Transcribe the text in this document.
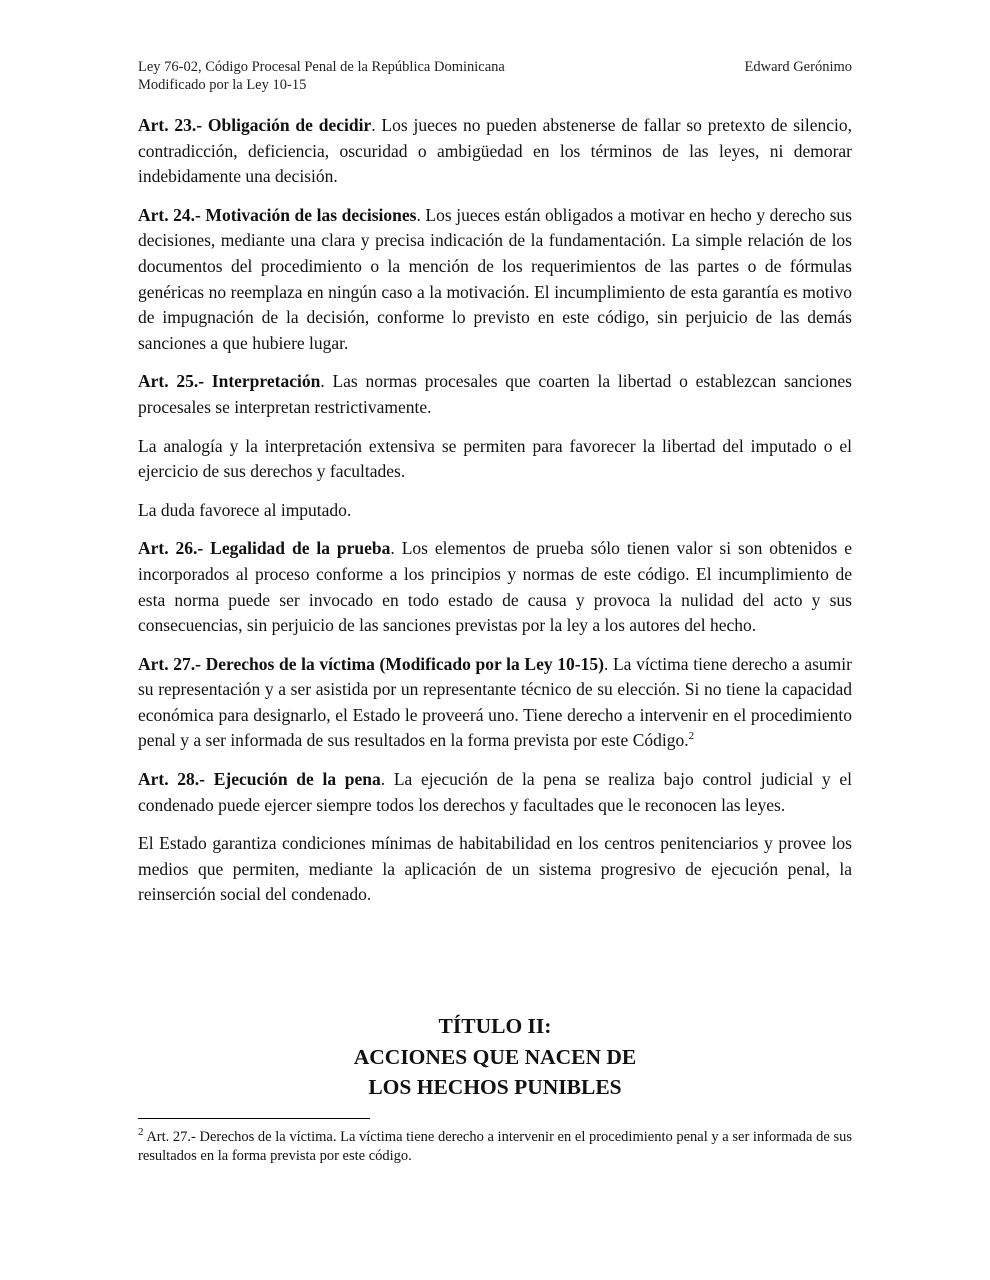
Ley 76-02, Código Procesal Penal de la República Dominicana	Edward Gerónimo
Modificado por la Ley 10-15

Art. 23.- Obligación de decidir. Los jueces no pueden abstenerse de fallar so pretexto de silencio, contradicción, deficiencia, oscuridad o ambigüedad en los términos de las leyes, ni demorar indebidamente una decisión.

Art. 24.- Motivación de las decisiones. Los jueces están obligados a motivar en hecho y derecho sus decisiones, mediante una clara y precisa indicación de la fundamentación. La simple relación de los documentos del procedimiento o la mención de los requerimientos de las partes o de fórmulas genéricas no reemplaza en ningún caso a la motivación. El incumplimiento de esta garantía es motivo de impugnación de la decisión, conforme lo previsto en este código, sin perjuicio de las demás sanciones a que hubiere lugar.

Art. 25.- Interpretación. Las normas procesales que coarten la libertad o establezcan sanciones procesales se interpretan restrictivamente.

La analogía y la interpretación extensiva se permiten para favorecer la libertad del imputado o el ejercicio de sus derechos y facultades.

La duda favorece al imputado.

Art. 26.- Legalidad de la prueba. Los elementos de prueba sólo tienen valor si son obtenidos e incorporados al proceso conforme a los principios y normas de este código. El incumplimiento de esta norma puede ser invocado en todo estado de causa y provoca la nulidad del acto y sus consecuencias, sin perjuicio de las sanciones previstas por la ley a los autores del hecho.

Art. 27.- Derechos de la víctima (Modificado por la Ley 10-15). La víctima tiene derecho a asumir su representación y a ser asistida por un representante técnico de su elección. Si no tiene la capacidad económica para designarlo, el Estado le proveerá uno. Tiene derecho a intervenir en el procedimiento penal y a ser informada de sus resultados en la forma prevista por este Código.$^2$

Art. 28.- Ejecución de la pena. La ejecución de la pena se realiza bajo control judicial y el condenado puede ejercer siempre todos los derechos y facultades que le reconocen las leyes.

El Estado garantiza condiciones mínimas de habitabilidad en los centros penitenciarios y provee los medios que permiten, mediante la aplicación de un sistema progresivo de ejecución penal, la reinserción social del condenado.

TÍTULO II:
ACCIONES QUE NACEN DE
LOS HECHOS PUNIBLES
$^2$ Art. 27.- Derechos de la víctima. La víctima tiene derecho a intervenir en el procedimiento penal y a ser informada de sus resultados en la forma prevista por este código.
